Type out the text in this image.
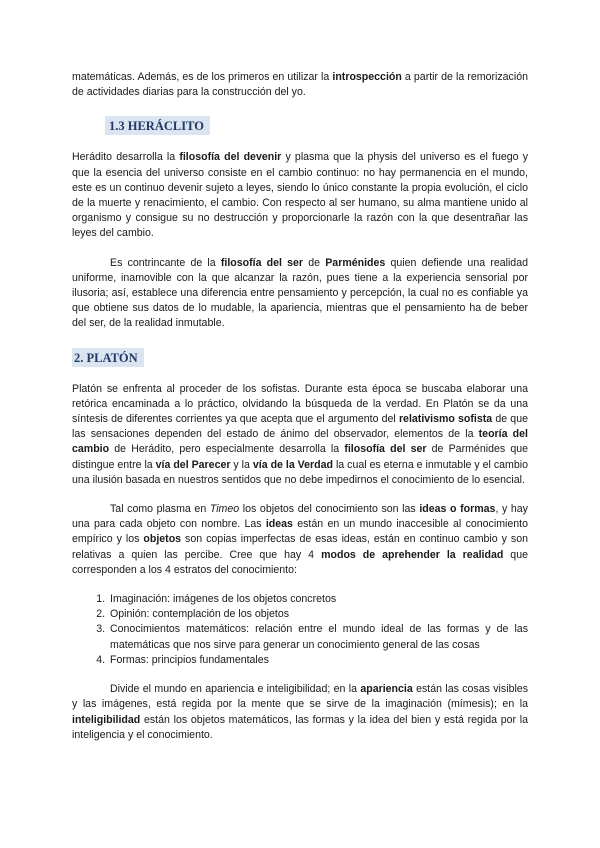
matemáticas. Además, es de los primeros en utilizar la introspección a partir de la remorización de actividades diarias para la construcción del yo.

1.3 HERÁCLITO

Herádito desarrolla la filosofía del devenir y plasma que la physis del universo es el fuego y que la esencia del universo consiste en el cambio continuo: no hay permanencia en el mundo, este es un continuo devenir sujeto a leyes, siendo lo único constante la propia evolución, el ciclo de la muerte y renacimiento, el cambio. Con respecto al ser humano, su alma mantiene unido al organismo y consigue su no destrucción y proporcionarle la razón con la que desentrañar las leyes del cambio.

Es contrincante de la filosofía del ser de Parménides quien defiende una realidad uniforme, inamovible con la que alcanzar la razón, pues tiene a la experiencia sensorial por ilusoria; así, establece una diferencia entre pensamiento y percepción, la cual no es confiable ya que obtiene sus datos de lo mudable, la apariencia, mientras que el pensamiento ha de beber del ser, de la realidad inmutable.

2. PLATÓN

Platón se enfrenta al proceder de los sofistas. Durante esta época se buscaba elaborar una retórica encaminada a lo práctico, olvidando la búsqueda de la verdad. En Platón se da una síntesis de diferentes corrientes ya que acepta que el argumento del relativismo sofista de que las sensaciones dependen del estado de ánimo del observador, elementos de la teoría del cambio de Herádito, pero especialmente desarrolla la filosofía del ser de Parménides que distingue entre la vía del Parecer y la vía de la Verdad la cual es eterna e inmutable y el cambio una ilusión basada en nuestros sentidos que no debe impedirnos el conocimiento de lo esencial.

Tal como plasma en Timeo los objetos del conocimiento son las ideas o formas, y hay una para cada objeto con nombre. Las ideas están en un mundo inaccesible al conocimiento empírico y los objetos son copias imperfectas de esas ideas, están en continuo cambio y son relativas a quien las percibe. Cree que hay 4 modos de aprehender la realidad que corresponden a los 4 estratos del conocimiento:

1. Imaginación: imágenes de los objetos concretos
2. Opinión: contemplación de los objetos
3. Conocimientos matemáticos: relación entre el mundo ideal de las formas y de las matemáticas que nos sirve para generar un conocimiento general de las cosas
4. Formas: principios fundamentales

Divide el mundo en apariencia e inteligibilidad; en la apariencia están las cosas visibles y las imágenes, está regida por la mente que se sirve de la imaginación (mímesis); en la inteligibilidad están los objetos matemáticos, las formas y la idea del bien y está regida por la inteligencia y el conocimiento.
